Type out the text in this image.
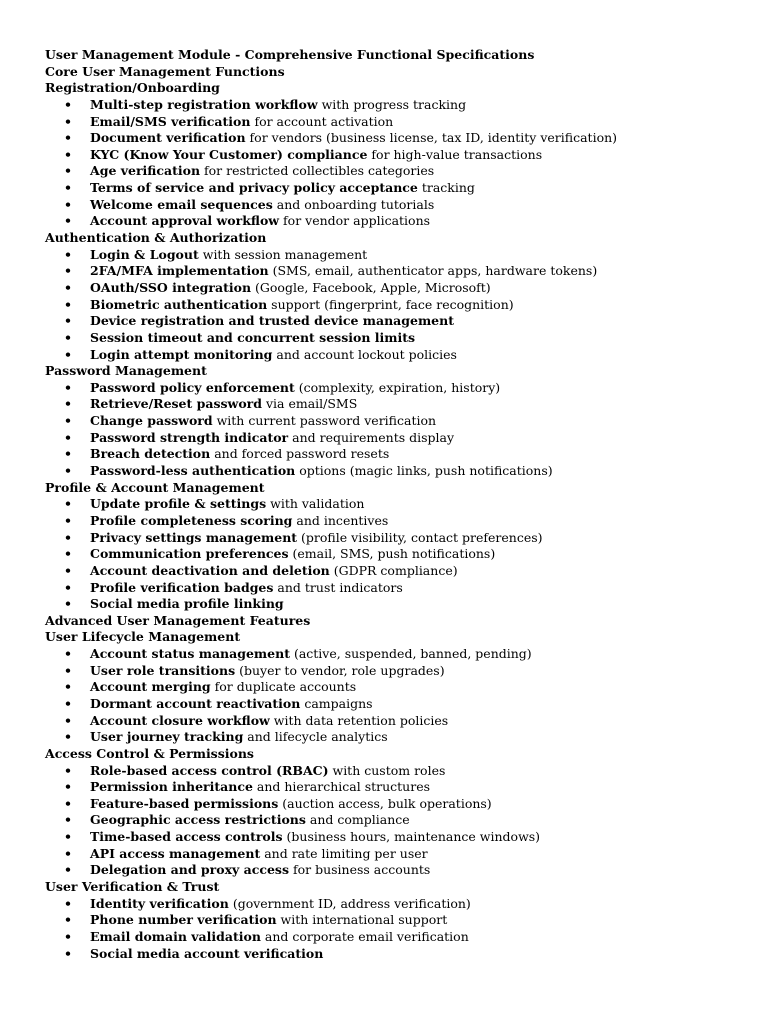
User Management Module - Comprehensive Functional Specifications
Core User Management Functions
Registration/Onboarding
• Multi-step registration workflow with progress tracking
• Email/SMS verification for account activation
• Document verification for vendors (business license, tax ID, identity verification)
• KYC (Know Your Customer) compliance for high-value transactions
• Age verification for restricted collectibles categories
• Terms of service and privacy policy acceptance tracking
• Welcome email sequences and onboarding tutorials
• Account approval workflow for vendor applications
Authentication & Authorization
• Login & Logout with session management
• 2FA/MFA implementation (SMS, email, authenticator apps, hardware tokens)
• OAuth/SSO integration (Google, Facebook, Apple, Microsoft)
• Biometric authentication support (fingerprint, face recognition)
• Device registration and trusted device management
• Session timeout and concurrent session limits
• Login attempt monitoring and account lockout policies
Password Management
• Password policy enforcement (complexity, expiration, history)
• Retrieve/Reset password via email/SMS
• Change password with current password verification
• Password strength indicator and requirements display
• Breach detection and forced password resets
• Password-less authentication options (magic links, push notifications)
Profile & Account Management
• Update profile & settings with validation
• Profile completeness scoring and incentives
• Privacy settings management (profile visibility, contact preferences)
• Communication preferences (email, SMS, push notifications)
• Account deactivation and deletion (GDPR compliance)
• Profile verification badges and trust indicators
• Social media profile linking
Advanced User Management Features
User Lifecycle Management
• Account status management (active, suspended, banned, pending)
• User role transitions (buyer to vendor, role upgrades)
• Account merging for duplicate accounts
• Dormant account reactivation campaigns
• Account closure workflow with data retention policies
• User journey tracking and lifecycle analytics
Access Control & Permissions
• Role-based access control (RBAC) with custom roles
• Permission inheritance and hierarchical structures
• Feature-based permissions (auction access, bulk operations)
• Geographic access restrictions and compliance
• Time-based access controls (business hours, maintenance windows)
• API access management and rate limiting per user
• Delegation and proxy access for business accounts
User Verification & Trust
• Identity verification (government ID, address verification)
• Phone number verification with international support
• Email domain validation and corporate email verification
• Social media account verification
